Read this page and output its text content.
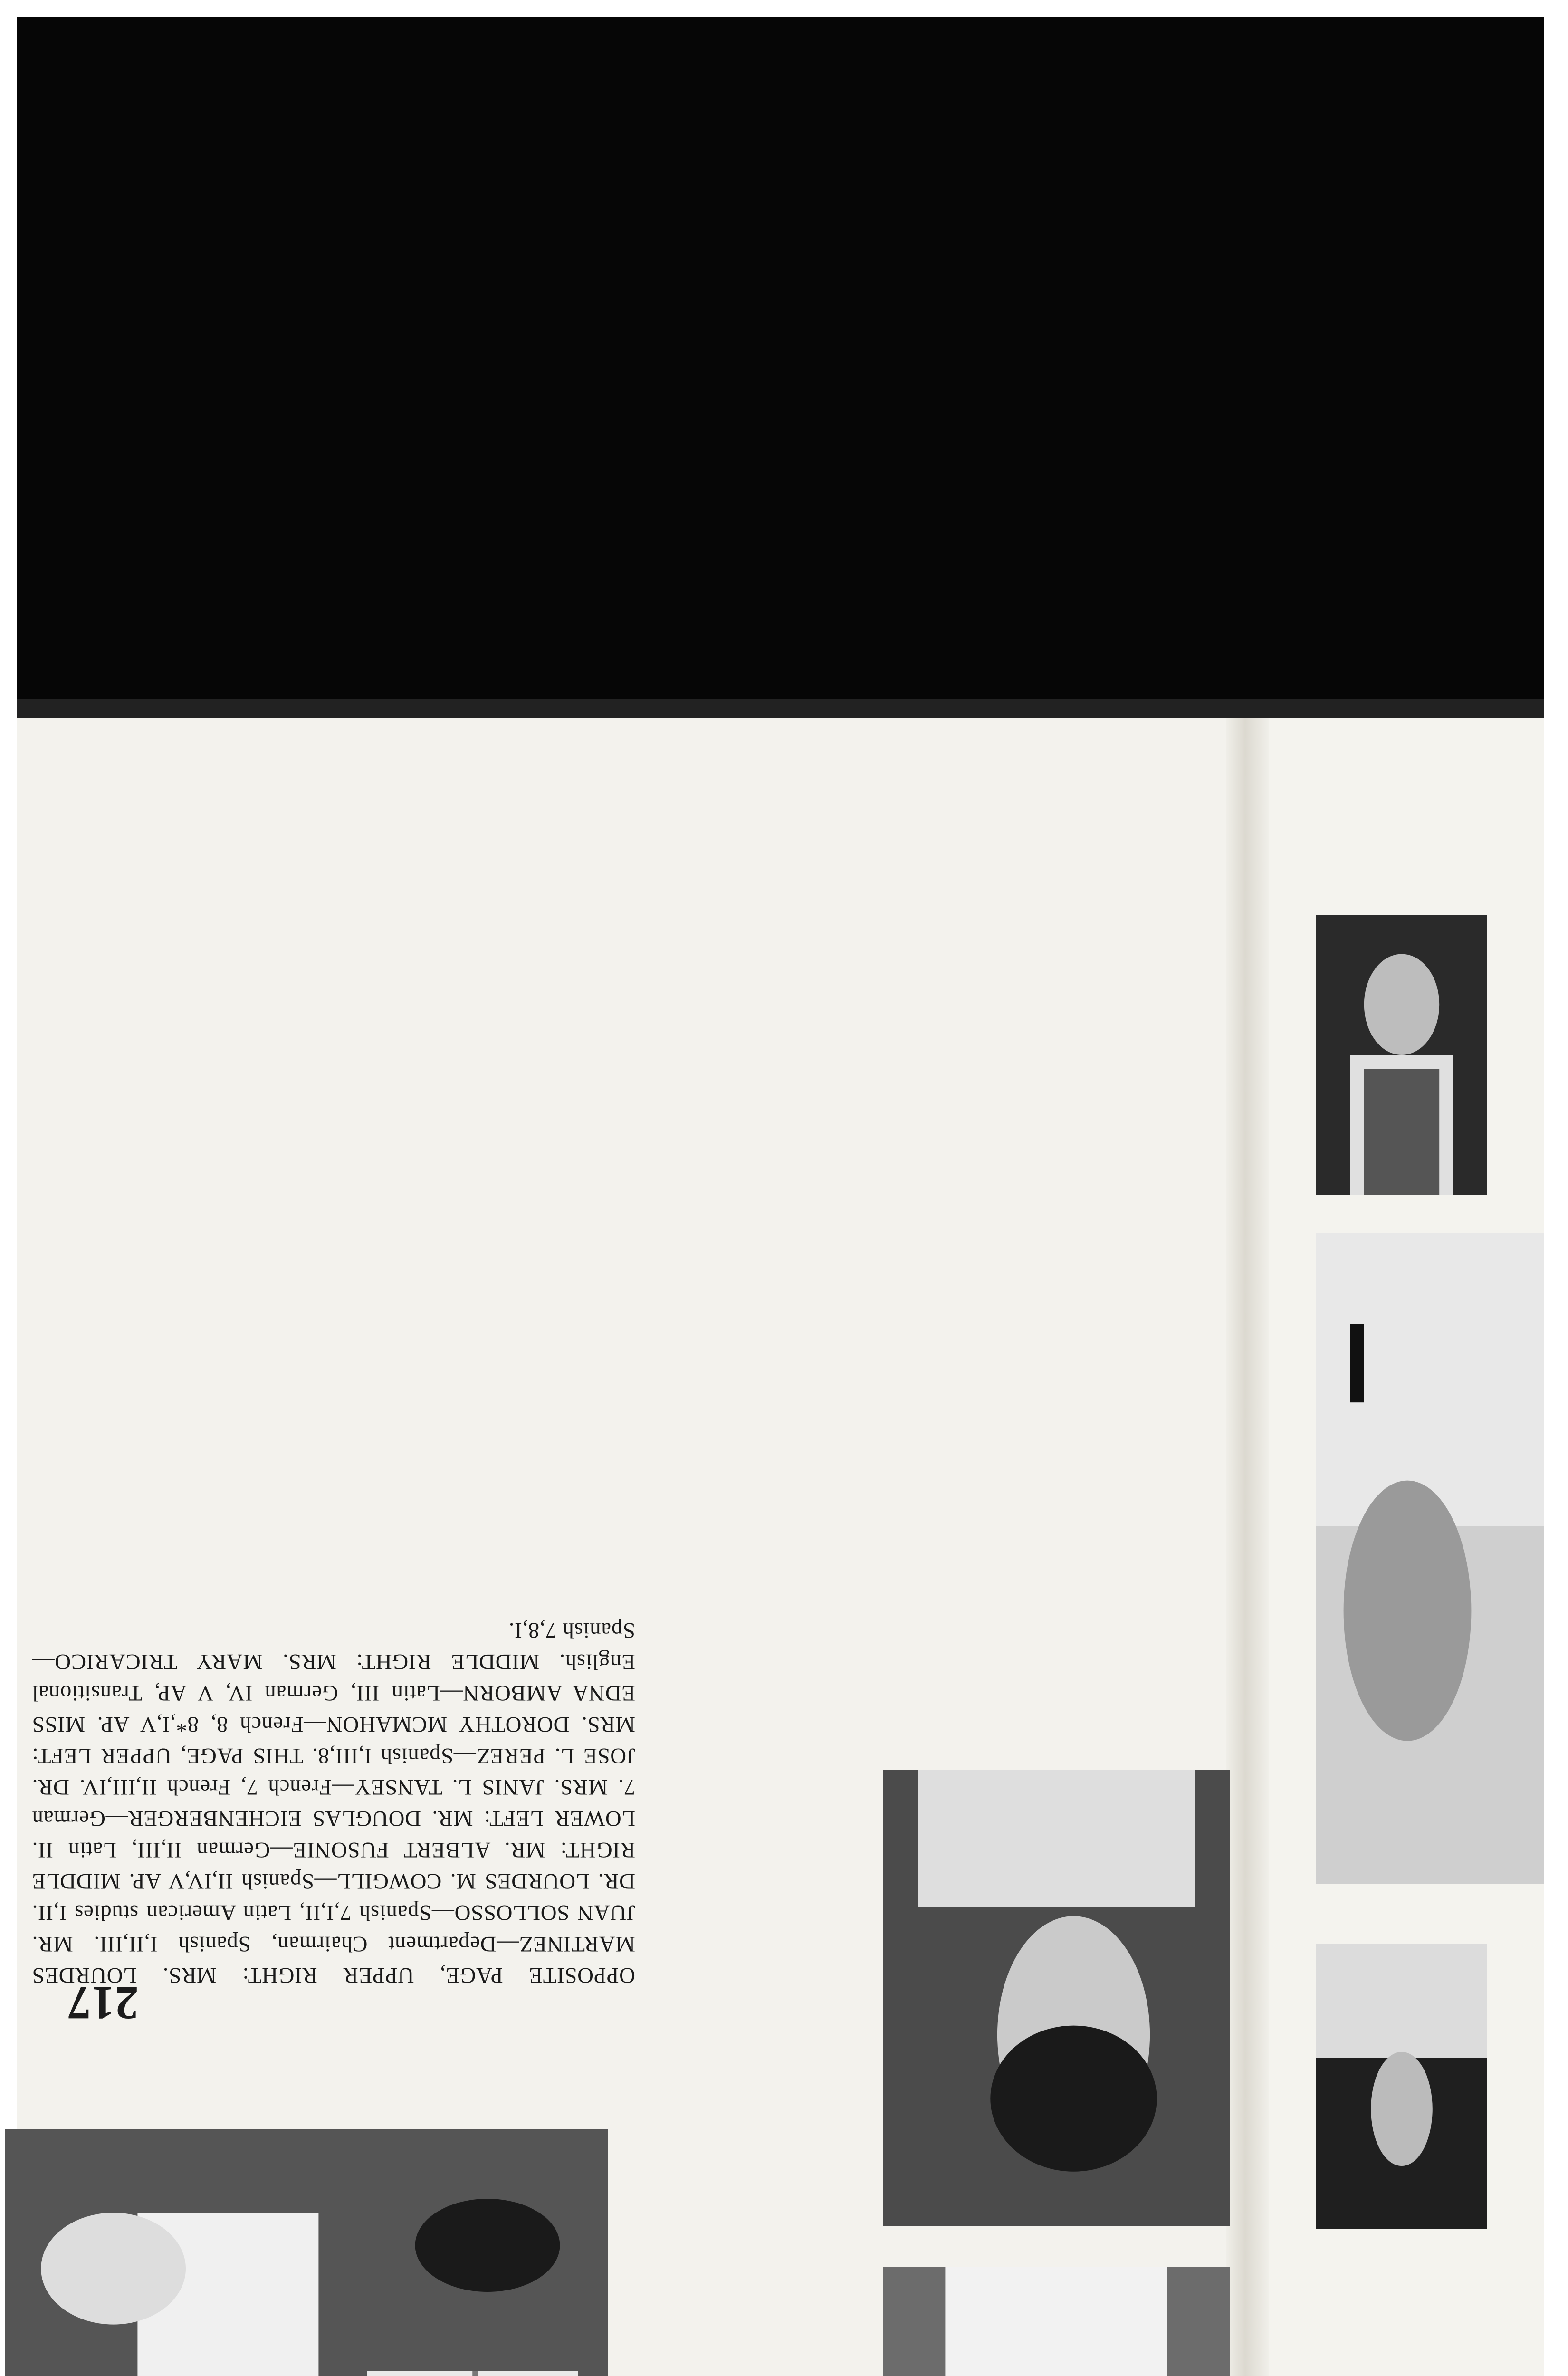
217
OPPOSITE PAGE, UPPER RIGHT: MRS. LOURDES MARTINEZ—Department Chairman, Spanish I,II,III. MR. JUAN SOLLOSSO—Spanish 7,I,II, Latin American studies I,II. DR. LOURDES M. COWGILL—Spanish II,IV,V AP. MIDDLE RIGHT: MR. ALBERT FUSONIE—German II,III, Latin II. LOWER LEFT: MR. DOUGLAS EICHENBERGER—German 7. MRS. JANIS L. TANSEY—French 7, French II,III,IV. DR. JOSE L. PEREZ—Spanish I,III,8. THIS PAGE, UPPER LEFT: MRS. DOROTHY MCMAHON—French 8, 8*,I,V AP. MISS EDNA AMBORN—Latin III, German IV, V AP, Transitional English. MIDDLE RIGHT: MRS. MARY TRICARICO—Spanish 7,8,I.
